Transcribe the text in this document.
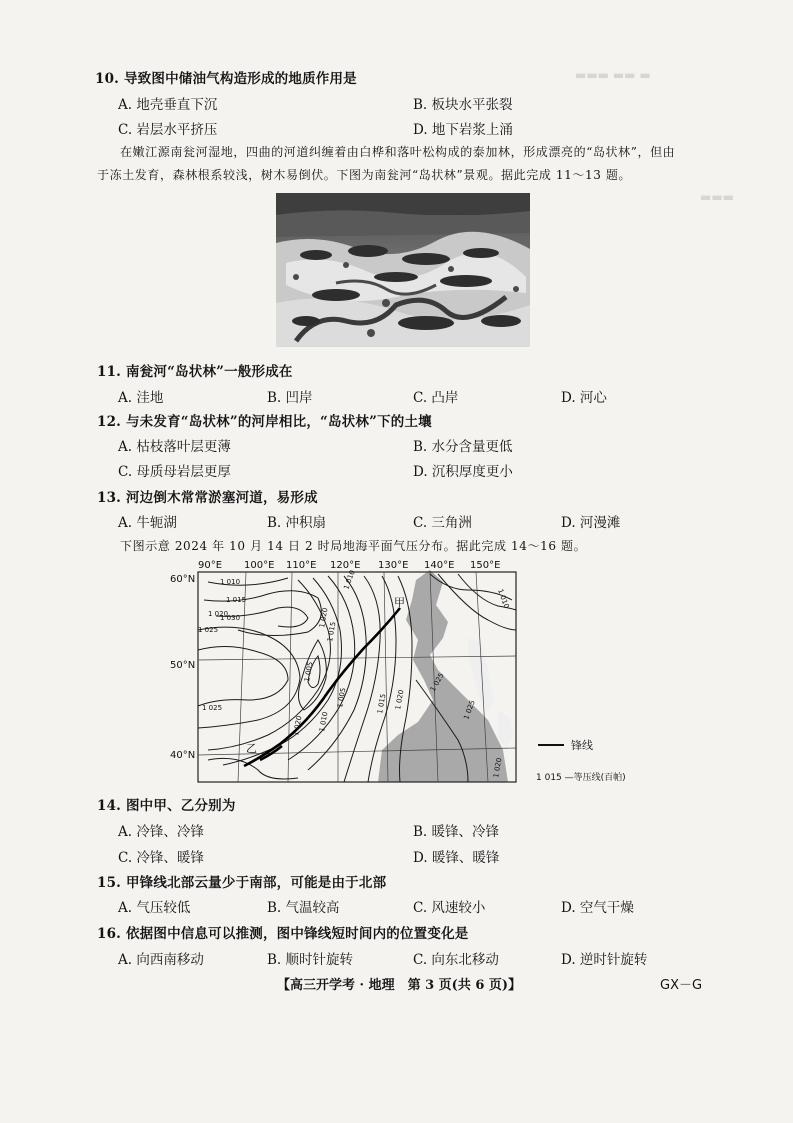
▬▬▬ ▬▬ ▬
▬▬▬
10. 导致图中储油气构造形成的地质作用是
A. 地壳垂直下沉	B. 板块水平张裂
C. 岩层水平挤压	D. 地下岩浆上涌
在嫩江源南瓮河湿地，四曲的河道纠缠着由白桦和落叶松构成的泰加林，形成漂亮的“岛状林”，但由
于冻土发育，森林根系较浅，树木易倒伏。下图为南瓮河“岛状林”景观。据此完成 11～13 题。
11. 南瓮河“岛状林”一般形成在
A. 洼地	B. 凹岸	C. 凸岸	D. 河心
12. 与未发育“岛状林”的河岸相比，“岛状林”下的土壤
A. 枯枝落叶层更薄	B. 水分含量更低
C. 母质母岩层更厚	D. 沉积厚度更小
13. 河边倒木常常淤塞河道，易形成
A. 牛轭湖	B. 冲积扇	C. 三角洲	D. 河漫滩
下图示意 2024 年 10 月 14 日 2 时局地海平面气压分布。据此完成 14～16 题。
90°E 100°E 110°E 120°E 130°E 140°E 150°E
60°N
50°N
40°N
1 010
1 015
1 020
1 025
1 030
1 025
1 020
1 015
1 010
1 005
1 020
1 005
1 010
1 015 1 020	1 025
1 025
1 020
1 010
甲
乙	锋线
1 015 —等压线(百帕)
14. 图中甲、乙分别为
A. 冷锋、冷锋	B. 暖锋、冷锋
C. 冷锋、暖锋	D. 暖锋、暖锋
15. 甲锋线北部云量少于南部，可能是由于北部
A. 气压较低	B. 气温较高	C. 风速较小	D. 空气干燥
16. 依据图中信息可以推测，图中锋线短时间内的位置变化是
A. 向西南移动	B. 顺时针旋转	C. 向东北移动	D. 逆时针旋转
【高三开学考 · 地理　第 3 页(共 6 页)】	GX－G
